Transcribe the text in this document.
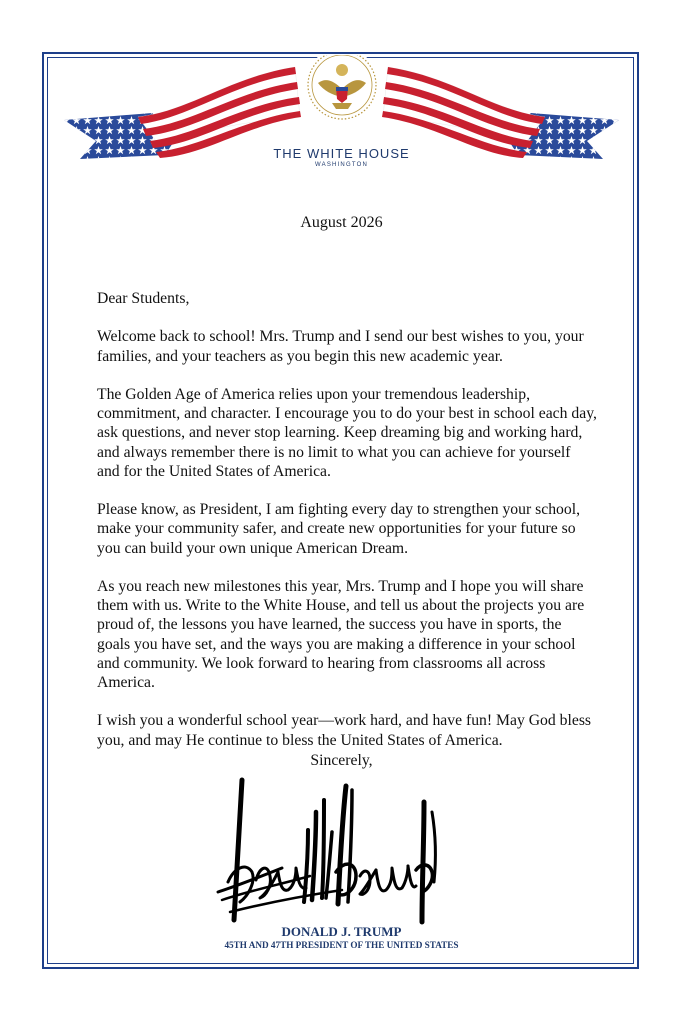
THE WHITE HOUSE
WASHINGTON
August 2026

Dear Students,

Welcome back to school! Mrs. Trump and I send our best wishes to you, your families, and your teachers as you begin this new academic year.

The Golden Age of America relies upon your tremendous leadership, commitment, and character. I encourage you to do your best in school each day, ask questions, and never stop learning. Keep dreaming big and working hard, and always remember there is no limit to what you can achieve for yourself and for the United States of America.

Please know, as President, I am fighting every day to strengthen your school, make your community safer, and create new opportunities for your future so you can build your own unique American Dream.

As you reach new milestones this year, Mrs. Trump and I hope you will share them with us. Write to the White House, and tell us about the projects you are proud of, the lessons you have learned, the success you have in sports, the goals you have set, and the ways you are making a difference in your school and community. We look forward to hearing from classrooms all across America.

I wish you a wonderful school year—work hard, and have fun! May God bless you, and may He continue to bless the United States of America.

Sincerely,
DONALD J. TRUMP
45TH AND 47TH PRESIDENT OF THE UNITED STATES
